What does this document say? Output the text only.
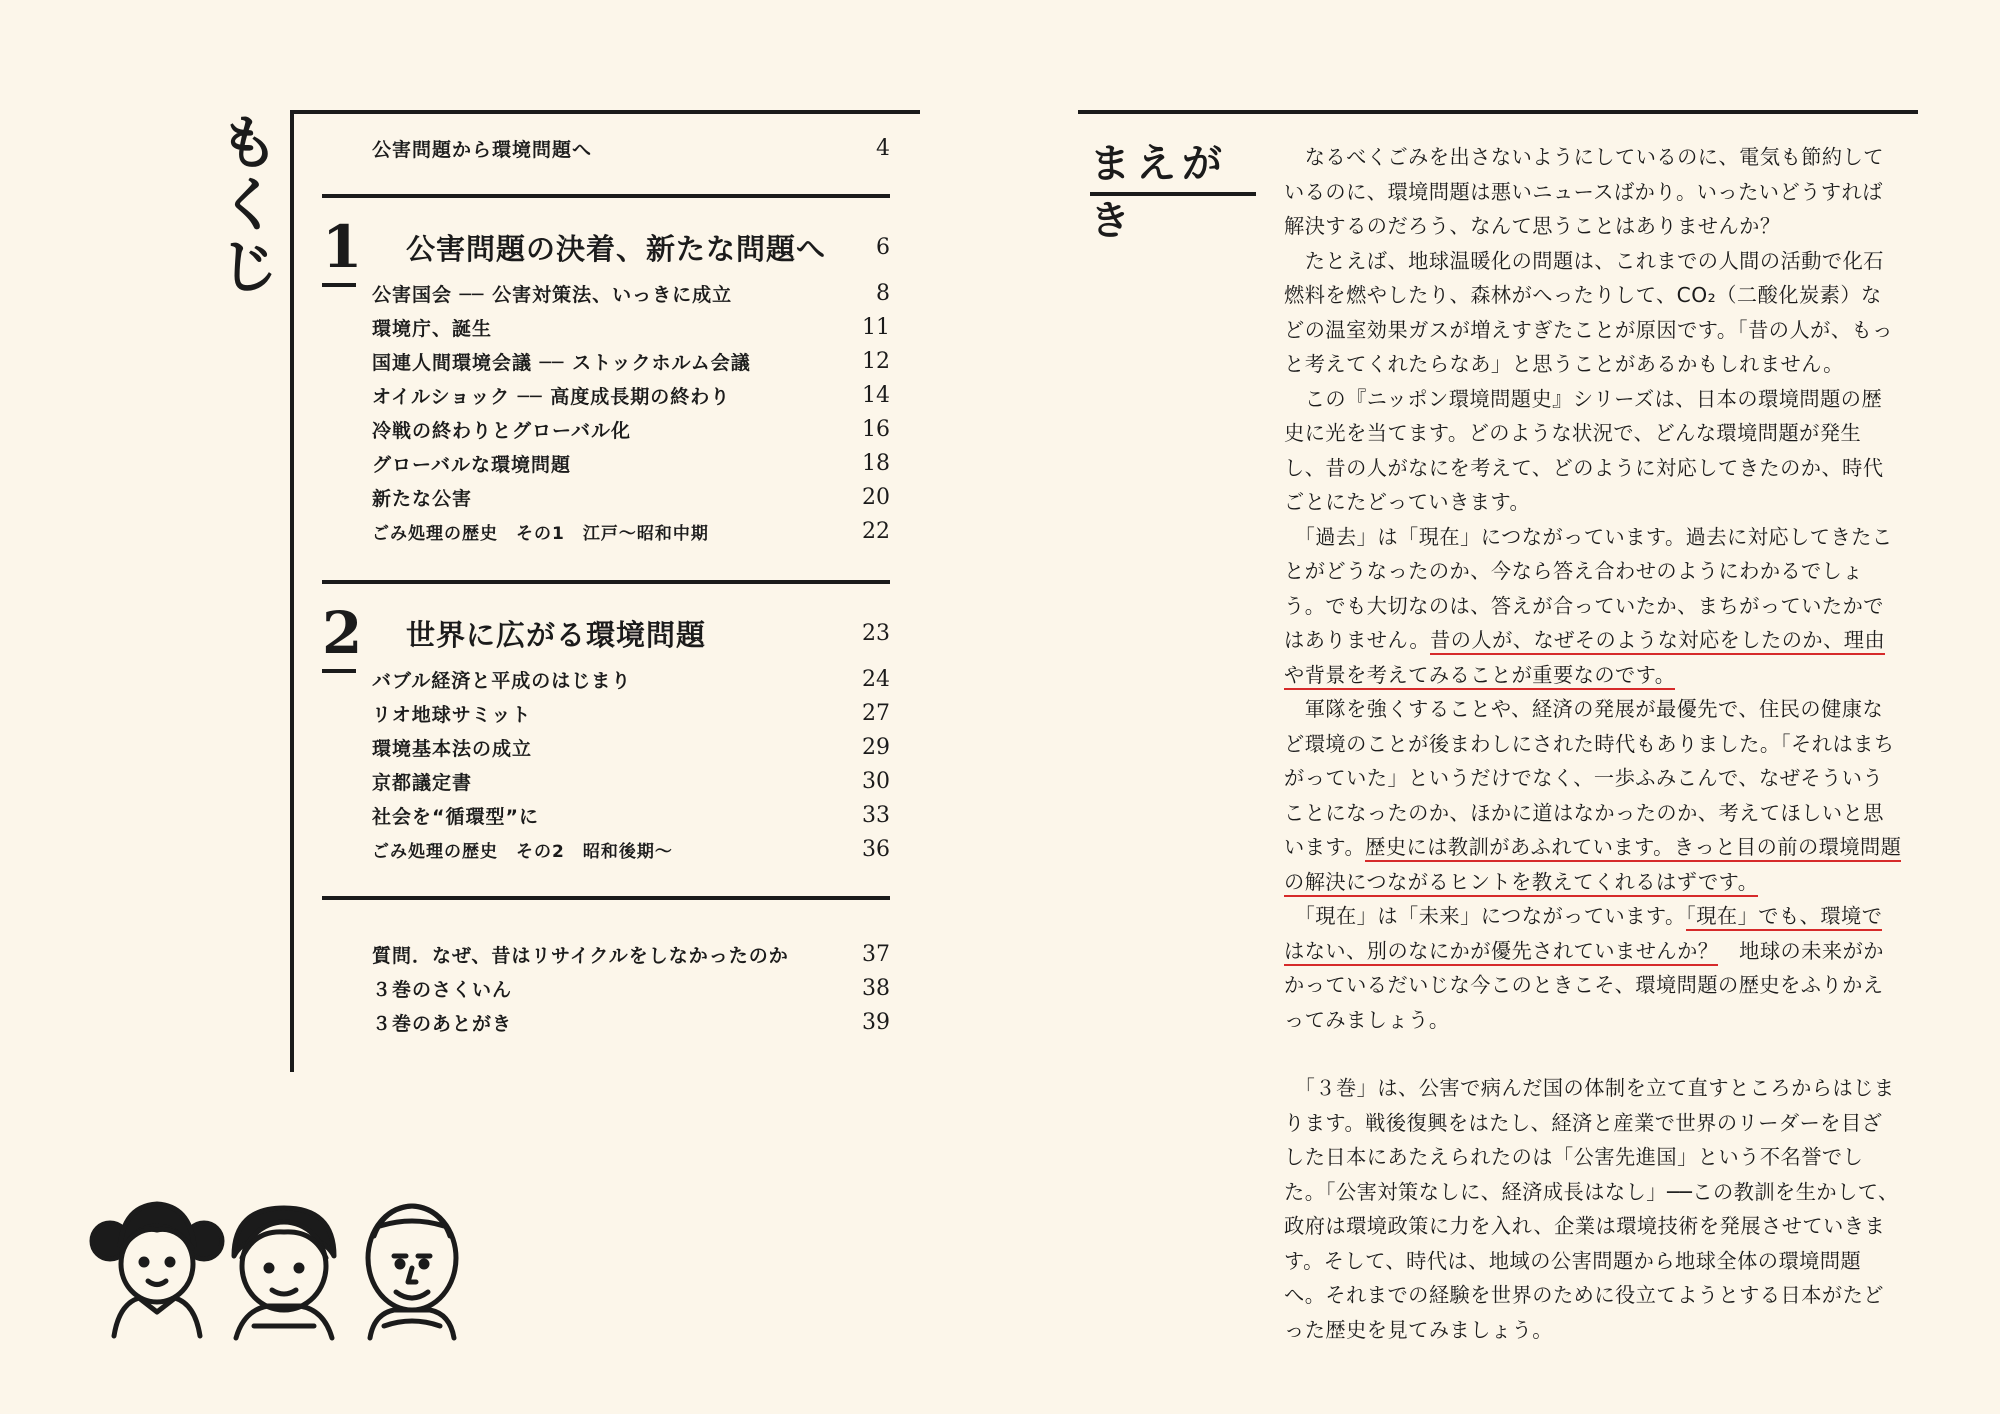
も
く
じ
公害問題から環境問題へ	4
1	公害問題の決着、新たな問題へ	6
公害国会 ── 公害対策法、いっきに成立	8
環境庁、誕生	11
国連人間環境会議 ── ストックホルム会議	12
オイルショック ── 高度成長期の終わり	14
冷戦の終わりとグローバル化	16
グローバルな環境問題	18
新たな公害	20
ごみ処理の歴史　その1　江戸〜昭和中期	22
2	世界に広がる環境問題	23
バブル経済と平成のはじまり	24
リオ地球サミット	27
環境基本法の成立	29
京都議定書	30
社会を“循環型”に	33
ごみ処理の歴史　その2　昭和後期〜	36
質問．なぜ、昔はリサイクルをしなかったのか	37
３巻のさくいん	38
３巻のあとがき	39
まえがき

　なるべくごみを出さないようにしているのに、電気も節約しているのに、環境問題は悪いニュースばかり。いったいどうすれば解決するのだろう、なんて思うことはありませんか？

　たとえば、地球温暖化の問題は、これまでの人間の活動で化石燃料を燃やしたり、森林がへったりして、CO₂（二酸化炭素）などの温室効果ガスが増えすぎたことが原因です。「昔の人が、もっと考えてくれたらなあ」と思うことがあるかもしれません。

　この『ニッポン環境問題史』シリーズは、日本の環境問題の歴史に光を当てます。どのような状況で、どんな環境問題が発生し、昔の人がなにを考えて、どのように対応してきたのか、時代ごとにたどっていきます。

　「過去」は「現在」につながっています。過去に対応してきたことがどうなったのか、今なら答え合わせのようにわかるでしょう。でも大切なのは、答えが合っていたか、まちがっていたかではありません。昔の人が、なぜそのような対応をしたのか、理由や背景を考えてみることが重要なのです。

　軍隊を強くすることや、経済の発展が最優先で、住民の健康など環境のことが後まわしにされた時代もありました。「それはまちがっていた」というだけでなく、一歩ふみこんで、なぜそういうことになったのか、ほかに道はなかったのか、考えてほしいと思います。歴史には教訓があふれています。きっと目の前の環境問題の解決につながるヒントを教えてくれるはずです。

　「現在」は「未来」につながっています。「現在」でも、環境ではない、別のなにかが優先されていませんか？　地球の未来がかかっているだいじな今このときこそ、環境問題の歴史をふりかえってみましょう。

　「３巻」は、公害で病んだ国の体制を立て直すところからはじまります。戦後復興をはたし、経済と産業で世界のリーダーを目ざした日本にあたえられたのは「公害先進国」という不名誉でした。「公害対策なしに、経済成長はなし」──この教訓を生かして、政府は環境政策に力を入れ、企業は環境技術を発展させていきます。そして、時代は、地域の公害問題から地球全体の環境問題へ。それまでの経験を世界のために役立てようとする日本がたどった歴史を見てみましょう。
